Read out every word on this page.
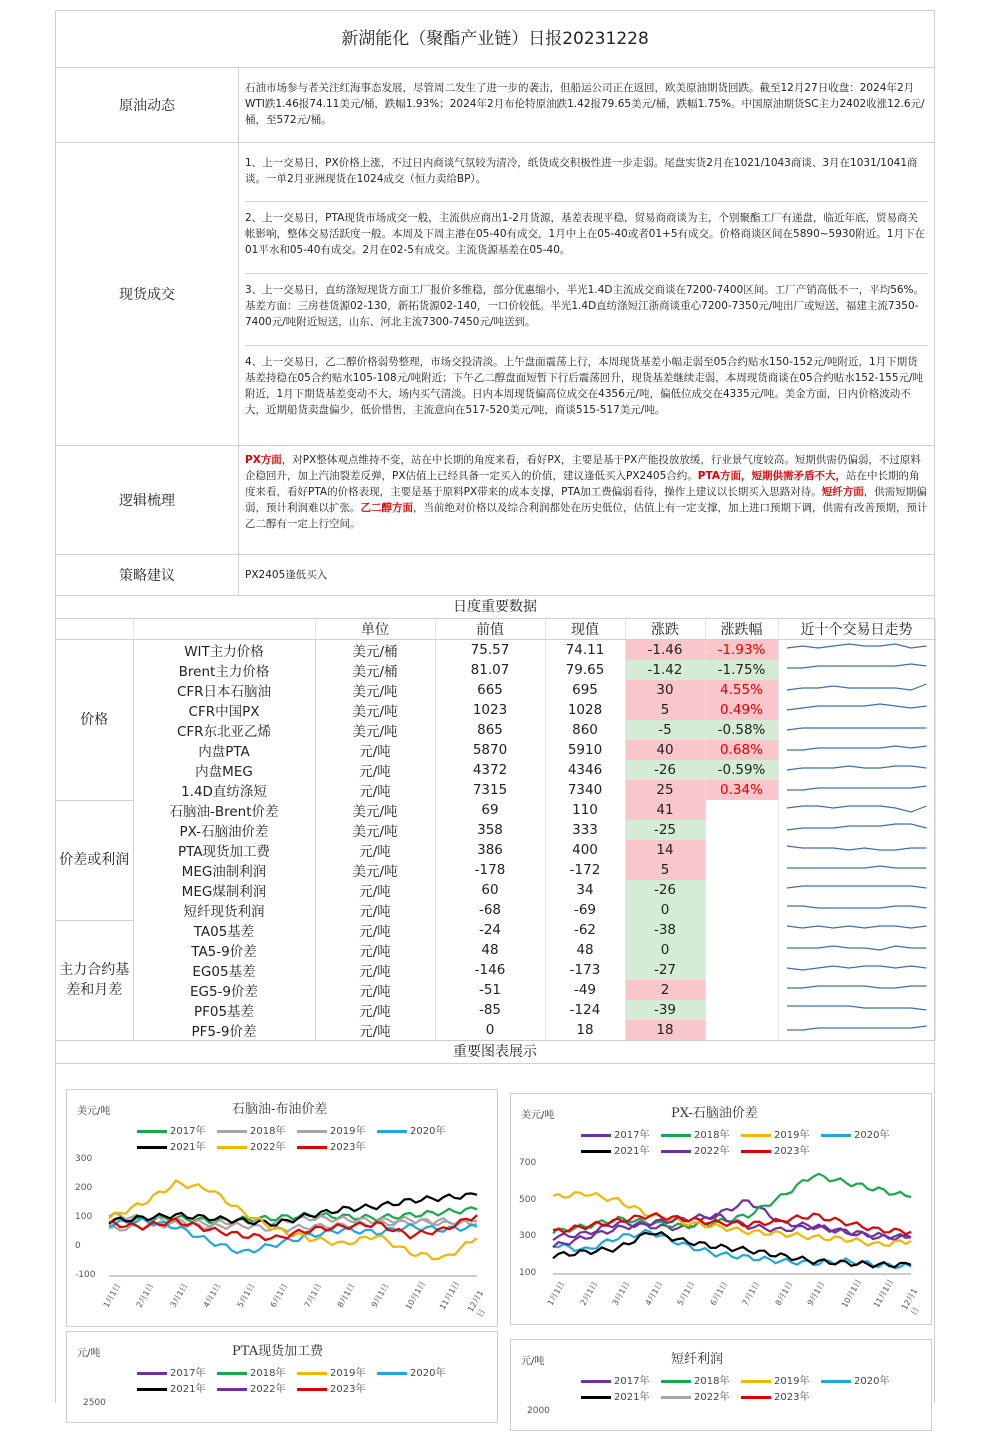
新湖能化（聚酯产业链）日报20231228
原油动态
石油市场参与者关注红海事态发展，尽管周二发生了进一步的袭击，但船运公司正在返回，欧美原油期货回跌。截至12月27日收盘：2024年2月WTI跌1.46报74.11美元/桶，跌幅1.93%；2024年2月布伦特原油跌1.42报79.65美元/桶，跌幅1.75%。中国原油期货SC主力2402收涨12.6元/桶，至572元/桶。
现货成交
1、上一交易日，PX价格上涨，不过日内商谈气氛较为清冷，纸货成交积极性进一步走弱。尾盘实货2月在1021/1043商谈、3月在1031/1041商谈。一单2月亚洲现货在1024成交（恒力卖给BP）。
2、上一交易日，PTA现货市场成交一般，主流供应商出1-2月货源，基差表现平稳，贸易商商谈为主，个别聚酯工厂有递盘，临近年底，贸易商关帐影响，整体交易活跃度一般。本周及下周主港在05-40有成交，1月中上在05-40或者01+5有成交。价格商谈区间在5890~5930附近。1月下在01平水和05-40有成交。2月在02-5有成交。主流货源基差在05-40。
3、上一交易日，直纺涤短现货方面工厂报价多维稳，部分优惠缩小，半光1.4D主流成交商谈在7200-7400区间。工厂产销高低不一，平均56%。基差方面：三房巷货源02-130，新拓货源02-140，一口价较低。半光1.4D直纺涤短江浙商谈重心7200-7350元/吨出厂或短送，福建主流7350-7400元/吨附近短送，山东、河北主流7300-7450元/吨送到。
4、上一交易日，乙二醇价格弱势整理，市场交投清淡。上午盘面震荡上行，本周现货基差小幅走弱至05合约贴水150-152元/吨附近，1月下期货基差持稳在05合约贴水105-108元/吨附近；下午乙二醇盘面短暂下行后震荡回升，现货基差继续走弱，本周现货商谈在05合约贴水152-155元/吨附近，1月下期货基差变动不大，场内买气清淡。日内本周现货偏高位成交在4356元/吨，偏低位成交在4335元/吨。美金方面，日内价格波动不大，近期船货卖盘偏少，低价惜售，主流意向在517-520美元/吨，商谈515-517美元/吨。
逻辑梳理
PX方面，对PX整体观点维持不变，站在中长期的角度来看，看好PX，主要是基于PX产能投放放缓，行业景气度较高。短期供需仍偏弱，不过原料企稳回升，加上汽油裂差反弹，PX估值上已经具备一定买入的价值，建议逢低买入PX2405合约。PTA方面，短期供需矛盾不大，站在中长期的角度来看，看好PTA的价格表现，主要是基于原料PX带来的成本支撑，PTA加工费偏弱看待，操作上建议以长期买入思路对待。短纤方面，供需短期偏弱，预计利润难以扩张。乙二醇方面，当前绝对价格以及综合利润都处在历史低位，估值上有一定支撑，加上进口预期下调，供需有改善预期，预计乙二醇有一定上行空间。
策略建议	PX2405逢低买入
日度重要数据
		单位	前值	现值	涨跌	涨跌幅	近十个交易日走势
价格	WIT主力价格	美元/桶	75.57	74.11	-1.46	-1.93%	

	Brent主力价格	美元/桶	81.07	79.65	-1.42	-1.75%	

	CFR日本石脑油	美元/吨	665	695	30	4.55%	

	CFR中国PX	美元/吨	1023	1028	5	0.49%	

	CFR东北亚乙烯	美元/吨	865	860	-5	-0.58%	

	内盘PTA	元/吨	5870	5910	40	0.68%	

	内盘MEG	元/吨	4372	4346	-26	-0.59%	

	1.4D直纺涤短	元/吨	7315	7340	25	0.34%	

价差或利润	石脑油-Brent价差	美元/吨	69	110	41		

	PX-石脑油价差	美元/吨	358	333	-25		

	PTA现货加工费	元/吨	386	400	14		

	MEG油制利润	美元/吨	-178	-172	5		

	MEG煤制利润	元/吨	60	34	-26		

	短纤现货利润	元/吨	-68	-69	0		

主力合约基差和月差	TA05基差	元/吨	-24	-62	-38		

	TA5-9价差	元/吨	48	48	0		

	EG05基差	元/吨	-146	-173	-27		

	EG5-9价差	元/吨	-51	-49	2		

	PF05基差	元/吨	-85	-124	-39		

	PF5-9价差	元/吨	0	18	18		
重要图表展示
石脑油-布油价差
美元/吨
2017年	2018年	2019年	2020年
2021年	2022年	2023年
300
200
100
0
-100
1月1日 2月1日 3月1日 4月1日 5月1日 6月1日 7月1日 8月1日 9月1日 10月1日 11月1日 12月1日
PX-石脑油价差
美元/吨
2017年	2018年	2019年	2020年
2021年	2022年	2023年
700
500
300
100
1月1日 2月1日 3月1日 4月1日 5月1日 6月1日 7月1日 8月1日 9月1日 10月1日 11月1日 12月1日
PTA现货加工费
元/吨
2017年	2018年	2019年	2020年
2021年	2022年	2023年
2500
短纤利润
元/吨
2017年	2018年	2019年	2020年
2021年	2022年	2023年
2000
